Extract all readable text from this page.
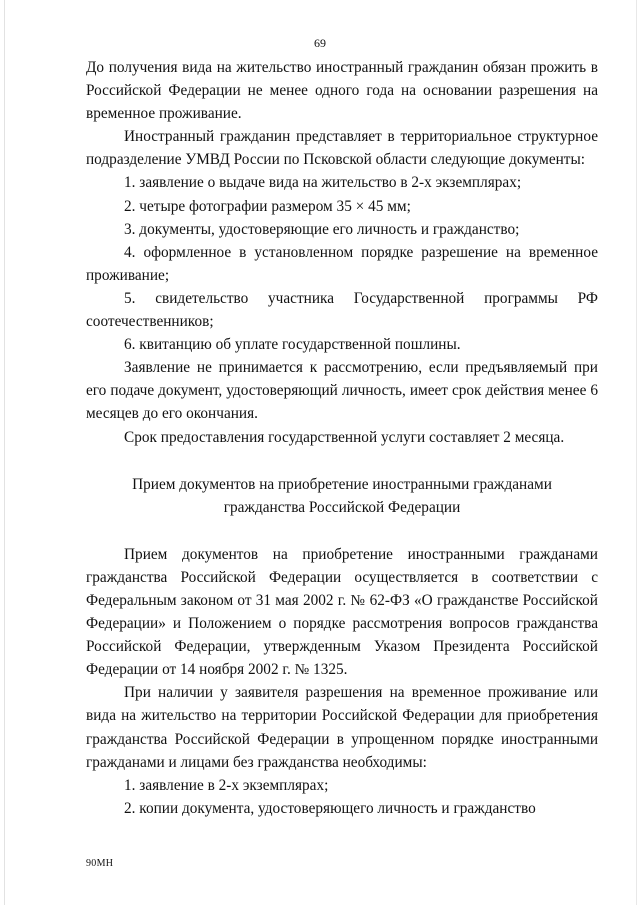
69

До получения вида на жительство иностранный гражданин обязан прожить в Российской Федерации не менее одного года на основании разрешения на временное проживание.

Иностранный гражданин представляет в территориальное структурное подразделение УМВД России по Псковской области следующие документы:

1. заявление о выдаче вида на жительство в 2-х экземплярах;

2. четыре фотографии размером 35 × 45 мм;

3. документы, удостоверяющие его личность и гражданство;

4. оформленное в установленном порядке разрешение на временное проживание;

5. свидетельство участника Государственной программы РФ соотечественников;

6. квитанцию об уплате государственной пошлины.

Заявление не принимается к рассмотрению, если предъявляемый при его подаче документ, удостоверяющий личность, имеет срок действия менее 6 месяцев до его окончания.

Срок предоставления государственной услуги составляет 2 месяца.

Прием документов на приобретение иностранными гражданами

гражданства Российской Федерации

Прием документов на приобретение иностранными гражданами гражданства Российской Федерации осуществляется в соответствии с Федеральным законом от 31 мая 2002 г. № 62-ФЗ «О гражданстве Российской Федерации» и Положением о порядке рассмотрения вопросов гражданства Российской Федерации, утвержденным Указом Президента Российской Федерации от 14 ноября 2002 г. № 1325.

При наличии у заявителя разрешения на временное проживание или вида на жительство на территории Российской Федерации для приобретения гражданства Российской Федерации в упрощенном порядке иностранными гражданами и лицами без гражданства необходимы:

1. заявление в 2-х экземплярах;

2. копии документа, удостоверяющего личность и гражданство

90МН
